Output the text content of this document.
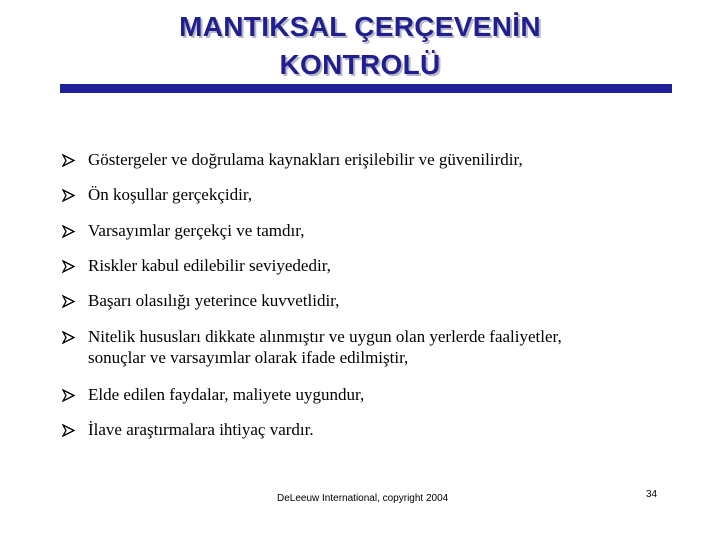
MANTIKSAL ÇERÇEVENİN
KONTROLÜ
Göstergeler ve doğrulama kaynakları erişilebilir ve güvenilirdir,
Ön koşullar gerçekçidir,
Varsayımlar gerçekçi ve tamdır,
Riskler kabul edilebilir seviyededir,
Başarı olasılığı yeterince kuvvetlidir,
Nitelik hususları dikkate alınmıştır ve uygun olan yerlerde faaliyetler,
sonuçlar ve varsayımlar olarak ifade edilmiştir,
Elde edilen faydalar, maliyete uygundur,
İlave araştırmalara ihtiyaç vardır.
DeLeeuw International, copyright 2004	34
